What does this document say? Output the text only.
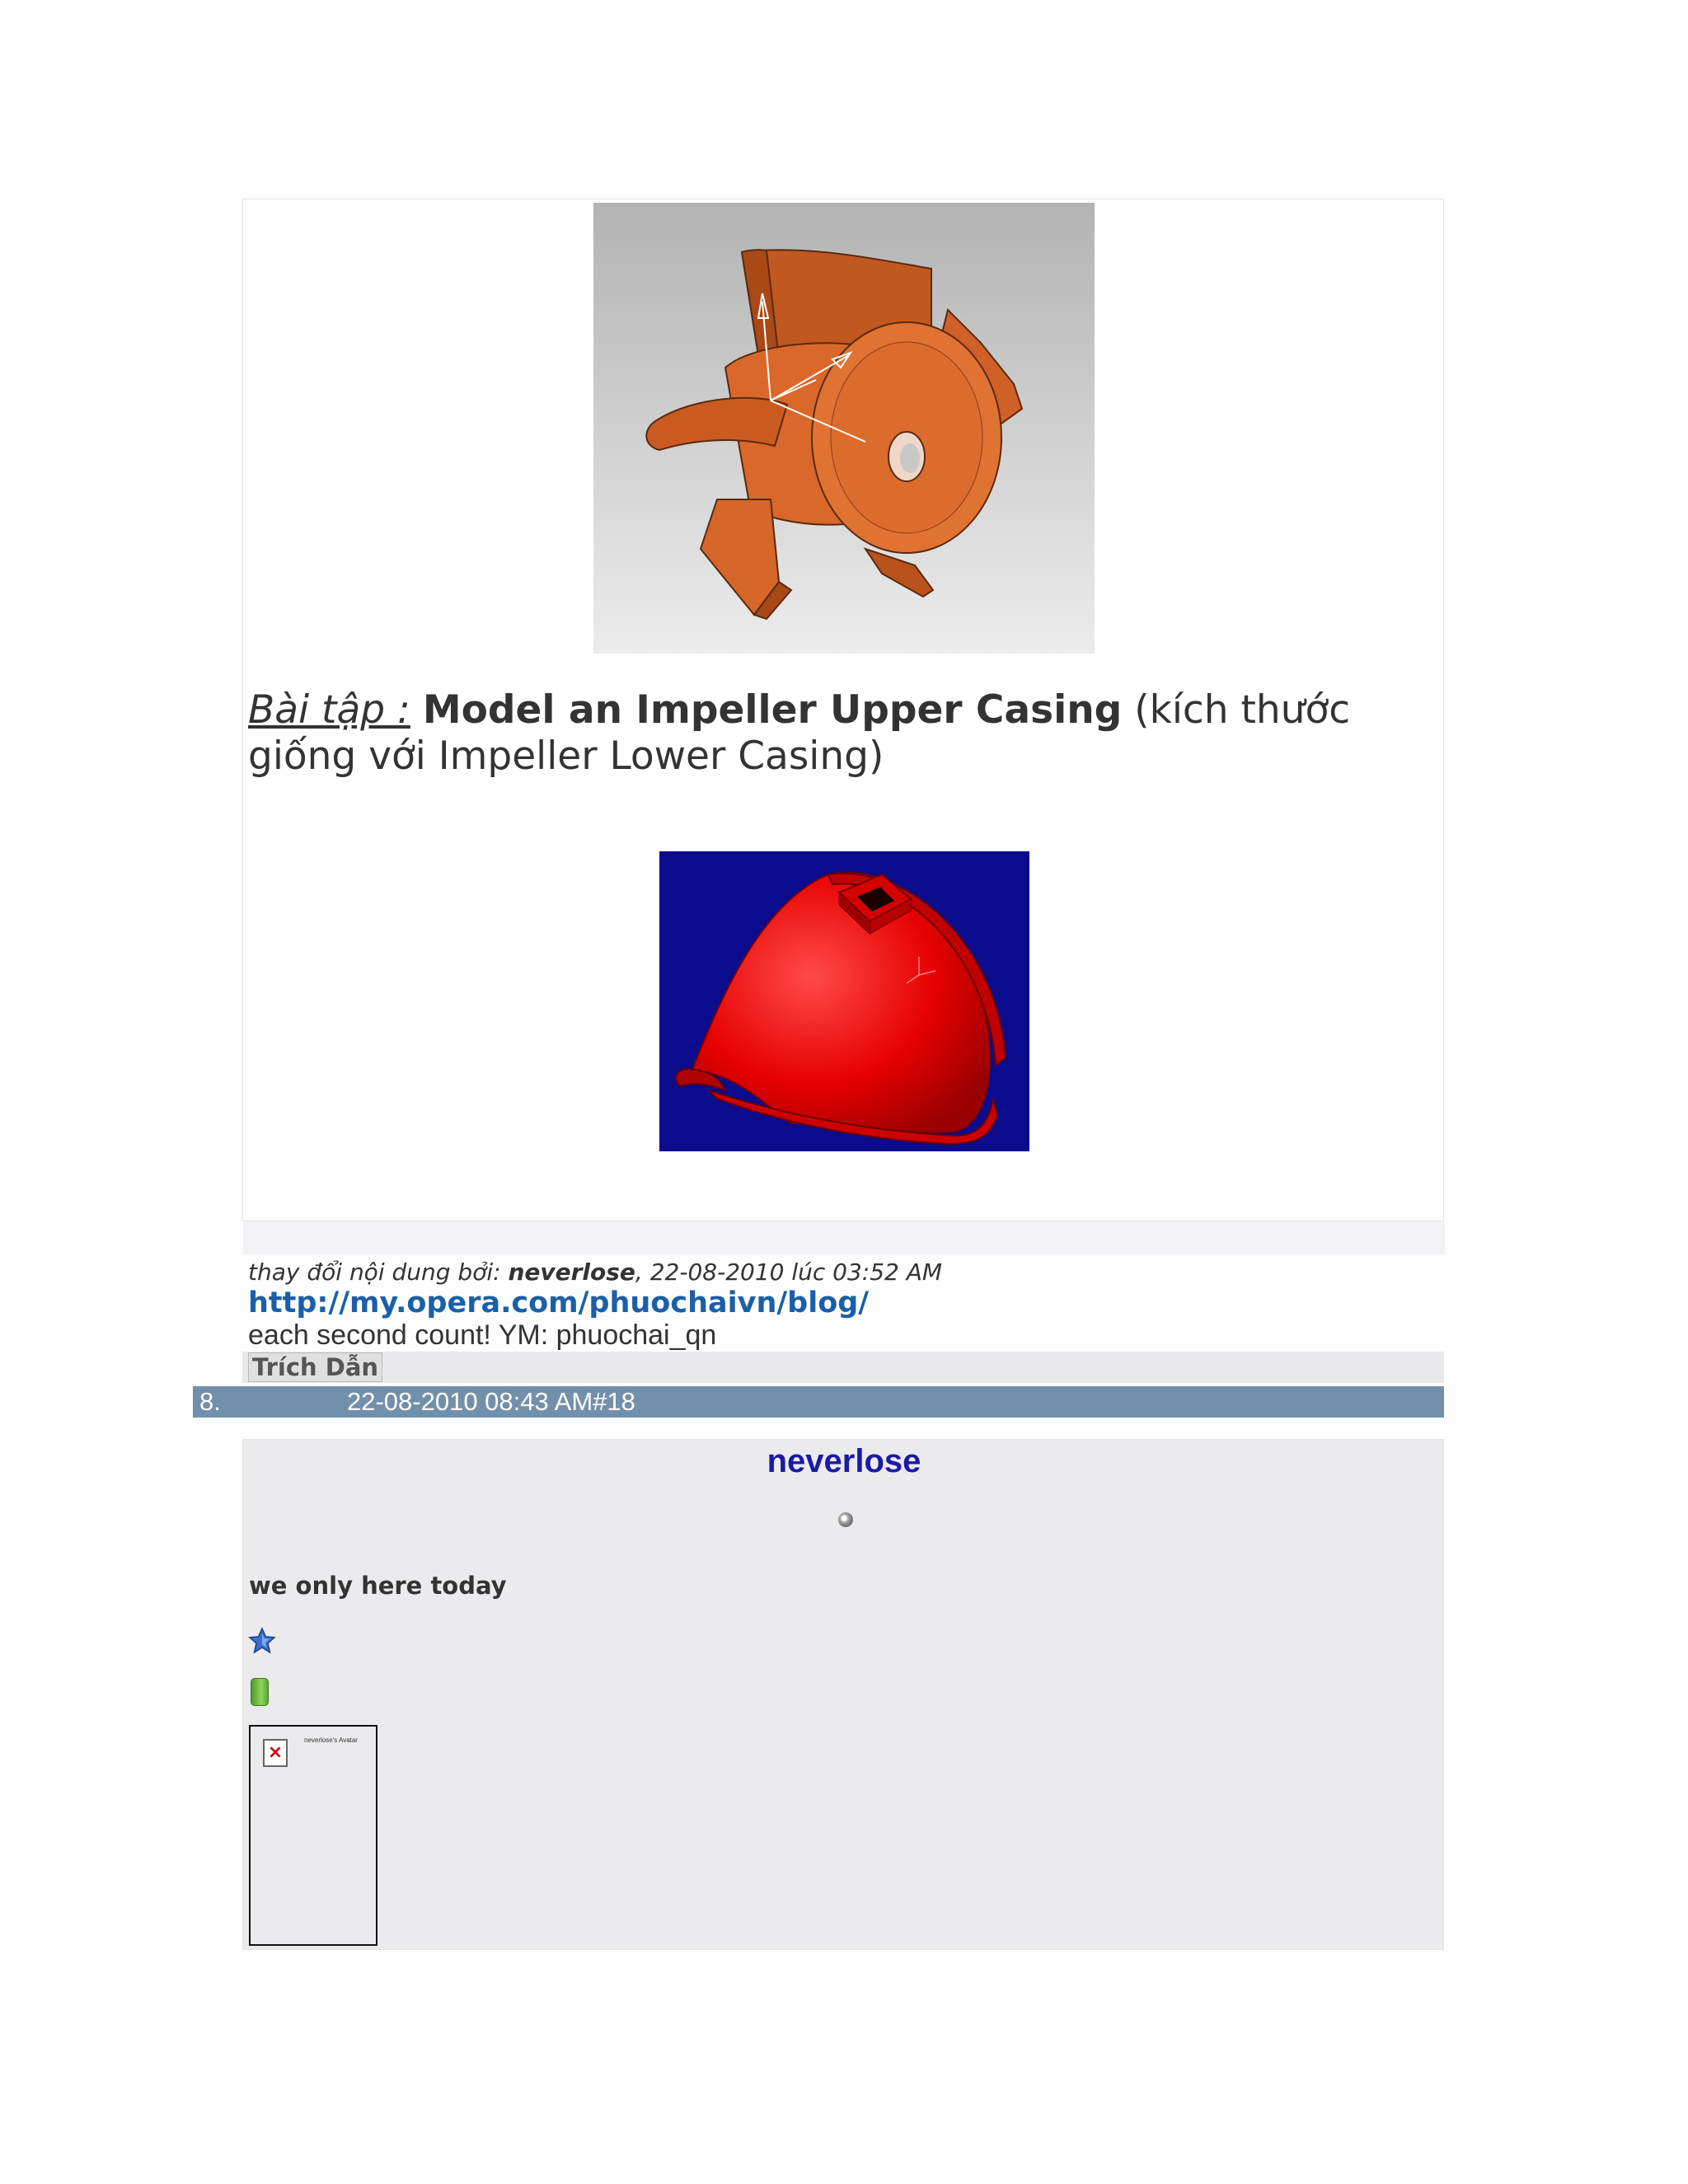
Bài tập : Model an Impeller Upper Casing (kích thước giống với Impeller Lower Casing)
thay đổi nội dung bởi: neverlose, 22-08-2010 lúc 03:52 AM
http://my.opera.com/phuochaivn/blog/
each second count! YM: phuochai_qn
Trích Dẫn
8.	22-08-2010 08:43 AM#18
neverlose
we only here today
×
neverlose's Avatar
